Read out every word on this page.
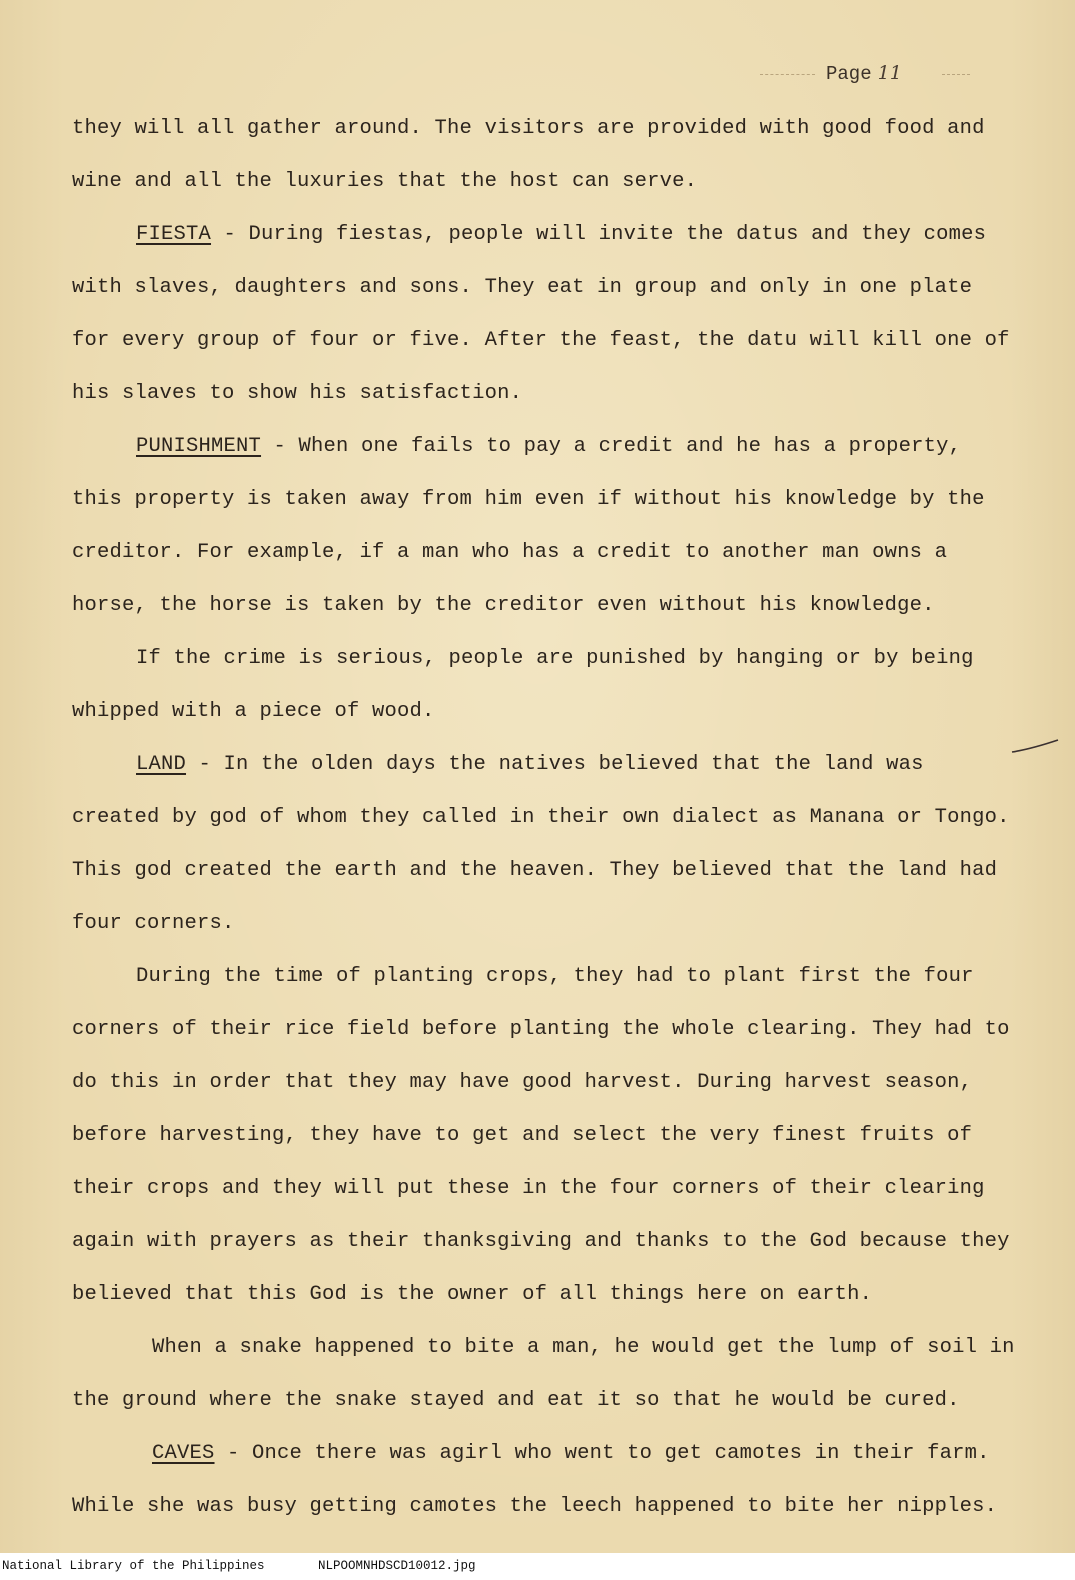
Page 11

they will all gather around. The visitors are provided with good food and wine and all the luxuries that the host can serve.

FIESTA - During fiestas, people will invite the datus and they comes with slaves, daughters and sons. They eat in group and only in one plate for every group of four or five. After the feast, the datu will kill one of his slaves to show his satisfaction.

PUNISHMENT - When one fails to pay a credit and he has a property, this property is taken away from him even if without his knowledge by the creditor. For example, if a man who has a credit to another man owns a horse, the horse is taken by the creditor even without his knowledge.

If the crime is serious, people are punished by hanging or by being whipped with a piece of wood.

LAND - In the olden days the natives believed that the land was created by god of whom they called in their own dialect as Manana or Tongo. This god created the earth and the heaven. They believed that the land had four corners.

During the time of planting crops, they had to plant first the four corners of their rice field before planting the whole clearing. They had to do this in order that they may have good harvest. During harvest season, before harvesting, they have to get and select the very finest fruits of their crops and they will put these in the four corners of their clearing again with prayers as their thanksgiving and thanks to the God because they believed that this God is the owner of all things here on earth.

When a snake happened to bite a man, he would get the lump of soil in the ground where the snake stayed and eat it so that he would be cured.

CAVES - Once there was agirl who went to get camotes in their farm. While she was busy getting camotes the leech happened to bite her nipples.

National Library of the Philippines	NLPOOMNHDSCD10012.jpg
